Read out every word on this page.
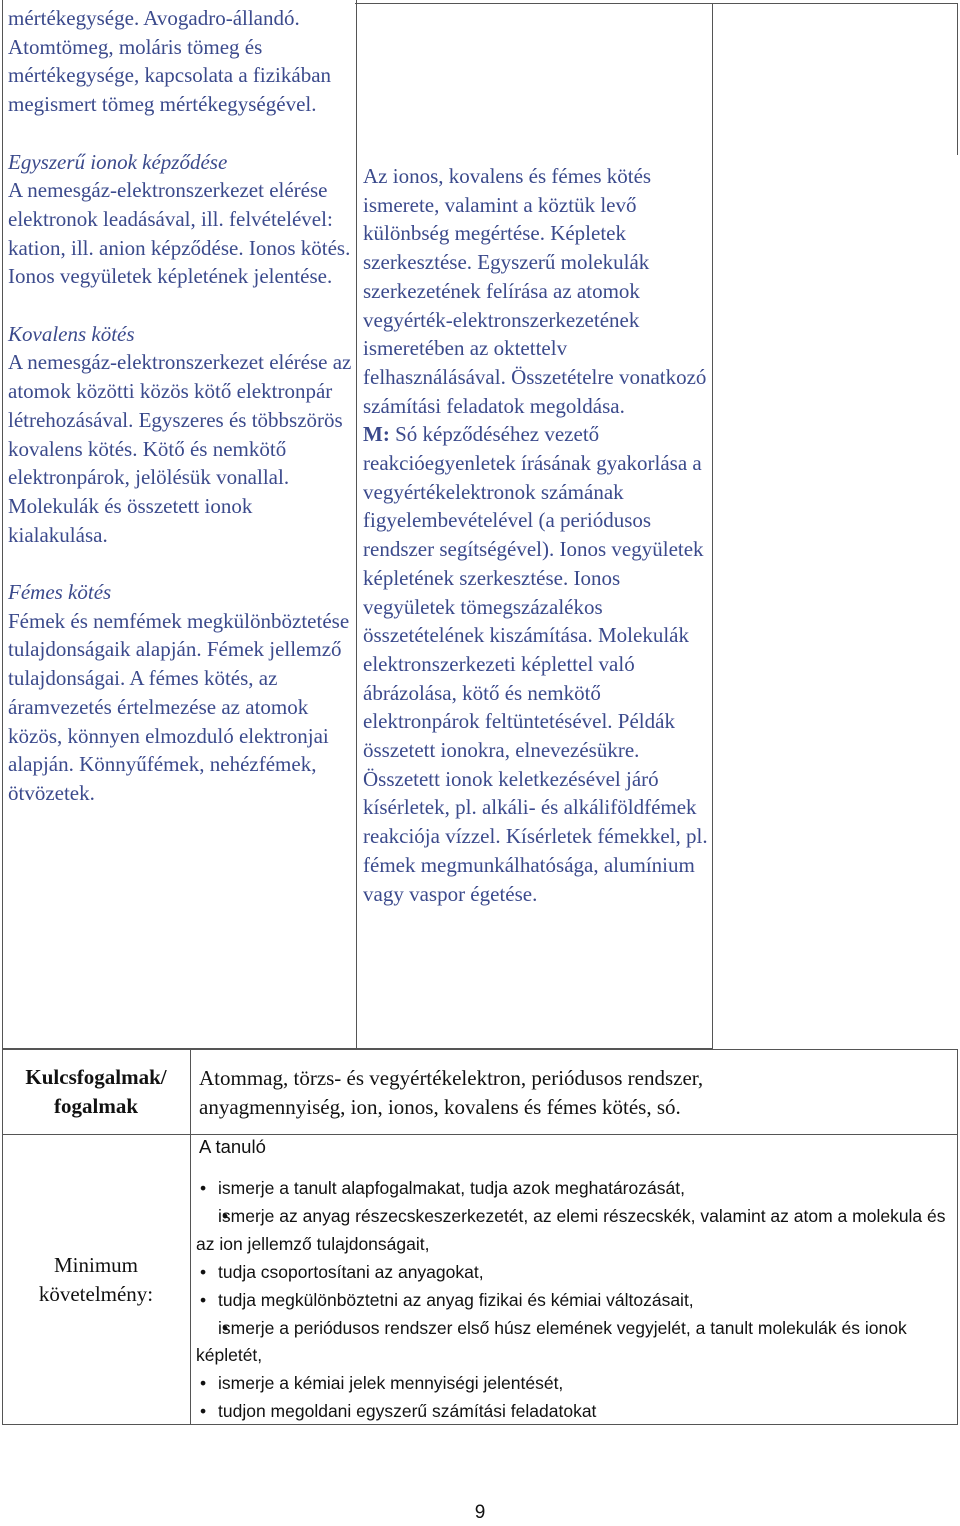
mértékegysége. Avogadro-állandó. Atomtömeg, moláris tömeg és mértékegysége, kapcsolata a fizikában megismert tömeg mértékegységével.

Egyszerű ionok képződése

A nemesgáz-elektronszerkezet elérése elektronok leadásával, ill. felvételével: kation, ill. anion képződése. Ionos kötés. Ionos vegyületek képletének jelentése.

Kovalens kötés

A nemesgáz-elektronszerkezet elérése az atomok közötti közös kötő elektronpár létrehozásával. Egyszeres és többszörös kovalens kötés. Kötő és nemkötő elektronpárok, jelölésük vonallal. Molekulák és összetett ionok kialakulása.

Fémes kötés

Fémek és nemfémek megkülönböztetése tulajdonságaik alapján. Fémek jellemző tulajdonságai. A fémes kötés, az áramvezetés értelmezése az atomok közös, könnyen elmozduló elektronjai alapján. Könnyűfémek, nehézfémek, ötvözetek.

Az ionos, kovalens és fémes kötés ismerete, valamint a köztük levő különbség megértése. Képletek szerkesztése. Egyszerű molekulák szerkezetének felírása az atomok vegyérték-elektronszerkezetének ismeretében az oktettelv felhasználásával. Összetételre vonatkozó számítási feladatok megoldása.

M: Só képződéséhez vezető reakcióegyenletek írásának gyakorlása a vegyértékelektronok számának figyelembevételével (a periódusos rendszer segítségével). Ionos vegyületek képletének szerkesztése. Ionos vegyületek tömegszázalékos összetételének kiszámítása. Molekulák elektronszerkezeti képlettel való ábrázolása, kötő és nemkötő elektronpárok feltüntetésével. Példák összetett ionokra, elnevezésükre. Összetett ionok keletkezésével járó kísérletek, pl. alkáli- és alkáliföldfémek reakciója vízzel. Kísérletek fémekkel, pl. fémek megmunkálhatósága, alumínium vagy vaspor égetése.

Kulcsfogalmak/
fogalmak
Atommag, törzs- és vegyértékelektron, periódusos rendszer, anyagmennyiség, ion, ionos, kovalens és fémes kötés, só.
Minimum
követelmény:
A tanuló
• ismerje a tanult alapfogalmakat, tudja azok meghatározását,
• ismerje az anyag részecskeszerkezetét, az elemi részecskék, valamint az atom a molekula és az ion jellemző tulajdonságait,
• tudja csoportosítani az anyagokat,
• tudja megkülönböztetni az anyag fizikai és kémiai változásait,
• ismerje a periódusos rendszer első húsz elemének vegyjelét, a tanult molekulák és ionok képletét,
• ismerje a kémiai jelek mennyiségi jelentését,
• tudjon megoldani egyszerű számítási feladatokat
9
